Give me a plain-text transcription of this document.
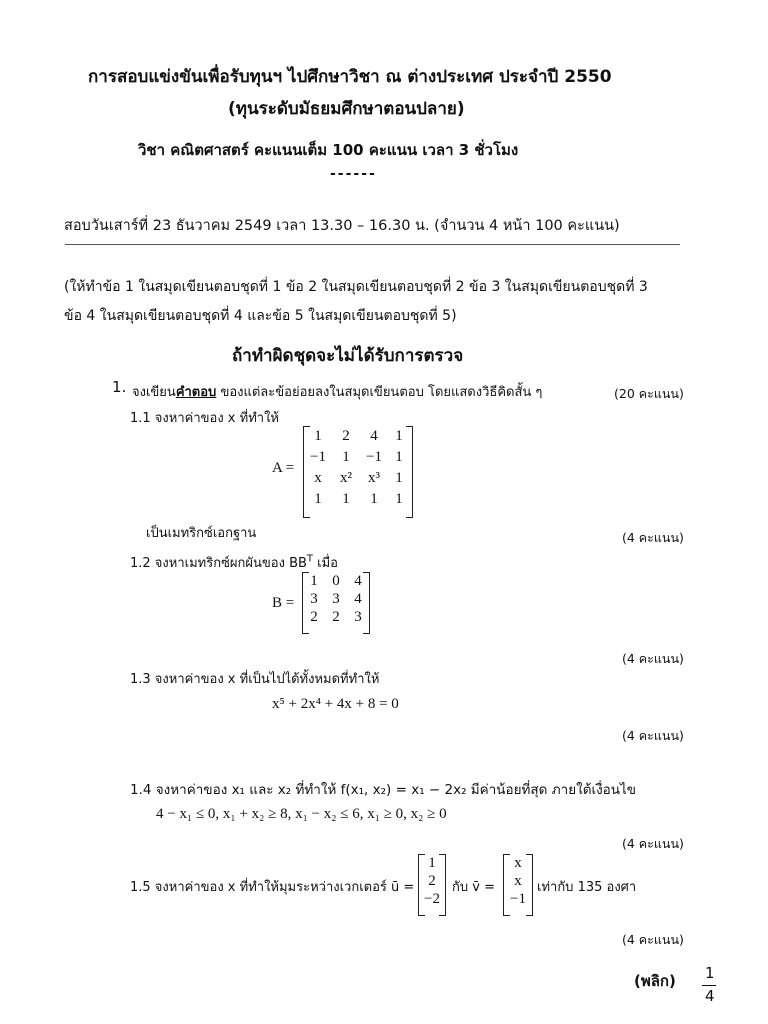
การสอบแข่งขันเพื่อรับทุนฯ ไปศึกษาวิชา ณ ต่างประเทศ ประจำปี 2550
(ทุนระดับมัธยมศึกษาตอนปลาย)
วิชา คณิตศาสตร์ คะแนนเต็ม 100 คะแนน เวลา 3 ชั่วโมง
------
สอบวันเสาร์ที่ 23 ธันวาคม 2549 เวลา 13.30 – 16.30 น. (จำนวน 4 หน้า 100 คะแนน)
(ให้ทำข้อ 1 ในสมุดเขียนตอบชุดที่ 1 ข้อ 2 ในสมุดเขียนตอบชุดที่ 2 ข้อ 3 ในสมุดเขียนตอบชุดที่ 3
ข้อ 4 ในสมุดเขียนตอบชุดที่ 4 และข้อ 5 ในสมุดเขียนตอบชุดที่ 5)
ถ้าทำผิดชุดจะไม่ได้รับการตรวจ
1. จงเขียนคำตอบ ของแต่ละข้อย่อยลงในสมุดเขียนตอบ โดยแสดงวิธีคิดสั้น ๆ	(20 คะแนน)
1.1 จงหาค่าของ x ที่ทำให้
A =
1	2	4	1
−1	1	−1 1
x	x²	x³	1
1	1	1	1
เป็นเมทริกซ์เอกฐาน	(4 คะแนน)
1.2 จงหาเมทริกซ์ผกผันของ $BB^T$ เมื่อ
B =
1 0 4
3 3 4
2 2 3
(4 คะแนน)
1.3 จงหาค่าของ x ที่เป็นไปได้ทั้งหมดที่ทำให้
x⁵ + 2x⁴ + 4x + 8 = 0
(4 คะแนน)
1.4 จงหาค่าของ x₁ และ x₂ ที่ทำให้ f(x₁, x₂) = x₁ − 2x₂ มีค่าน้อยที่สุด ภายใต้เงื่อนไข
4 − x₁ ≤ 0, x₁ + x₂ ≥ 8, x₁ − x₂ ≤ 6, x₁ ≥ 0, x₂ ≥ 0
(4 คะแนน)
1.5 จงหาค่าของ x ที่ทำให้มุมระหว่างเวกเตอร์ ū =
1
2
−2
กับ v̄ =
x
x
−1
เท่ากับ 135 องศา
(4 คะแนน)
(พลิก) 1
4
